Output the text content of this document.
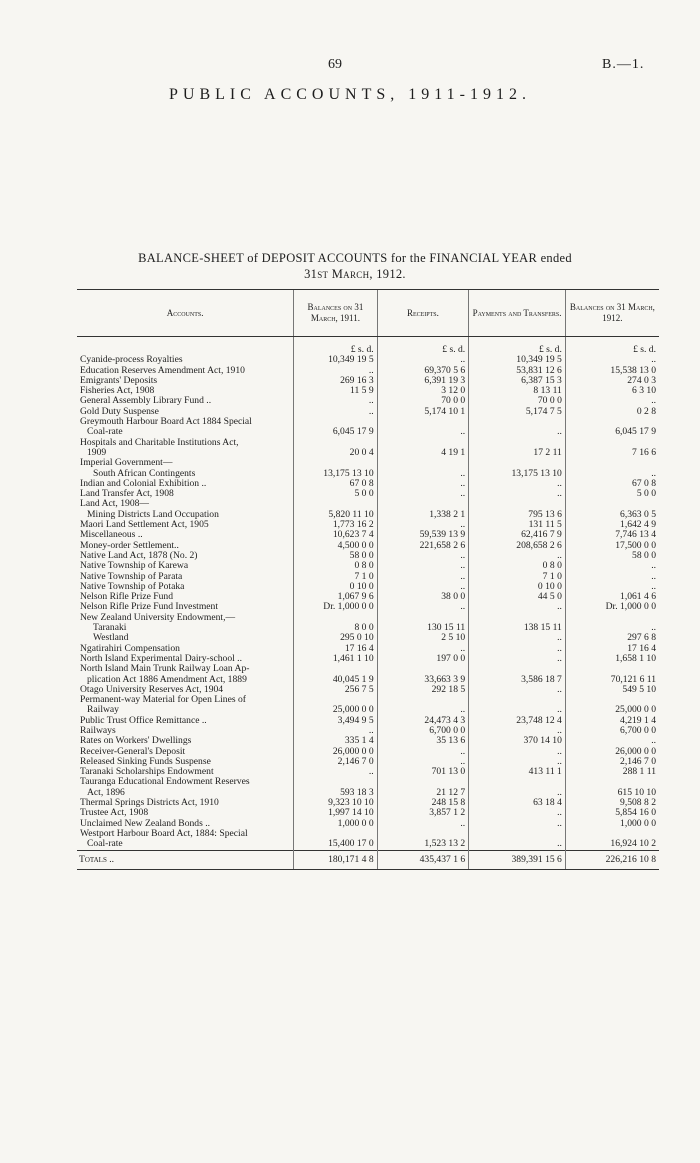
69	B.—1.
PUBLIC ACCOUNTS, 1911-1912.
BALANCE-SHEET of DEPOSIT ACCOUNTS for the FINANCIAL YEAR ended
31st March, 1912.
Accounts.	Balances on 31 March, 1911.	Receipts.	Payments and Transfers.	Balances on 31 March, 1912.
	£ s. d.	£ s. d.	£ s. d.	£ s. d.
Cyanide-process Royalties	10,349 19 5	..	10,349 19 5	..
Education Reserves Amendment Act, 1910	..	69,370 5 6	53,831 12 6	15,538 13 0
Emigrants' Deposits	269 16 3	6,391 19 3	6,387 15 3	274 0 3
Fisheries Act, 1908	11 5 9	3 12 0	8 13 11	6 3 10
General Assembly Library Fund ..	..	70 0 0	70 0 0	..
Gold Duty Suspense	..	5,174 10 1	5,174 7 5	0 2 8
Greymouth Harbour Board Act 1884 Special				
Coal-rate	6,045 17 9	..	..	6,045 17 9
Hospitals and Charitable Institutions Act,				
1909	20 0 4	4 19 1	17 2 11	7 16 6
Imperial Government—				
South African Contingents	13,175 13 10	..	13,175 13 10	..
Indian and Colonial Exhibition ..	67 0 8	..	..	67 0 8
Land Transfer Act, 1908	5 0 0	..	..	5 0 0
Land Act, 1908—				
Mining Districts Land Occupation	5,820 11 10	1,338 2 1	795 13 6	6,363 0 5
Maori Land Settlement Act, 1905	1,773 16 2	..	131 11 5	1,642 4 9
Miscellaneous ..	10,623 7 4	59,539 13 9	62,416 7 9	7,746 13 4
Money-order Settlement..	4,500 0 0	221,658 2 6	208,658 2 6	17,500 0 0
Native Land Act, 1878 (No. 2)	58 0 0	..	..	58 0 0
Native Township of Karewa	0 8 0	..	0 8 0	..
Native Township of Parata	7 1 0	..	7 1 0	..
Native Township of Potaka	0 10 0	..	0 10 0	..
Nelson Rifle Prize Fund	1,067 9 6	38 0 0	44 5 0	1,061 4 6
Nelson Rifle Prize Fund Investment	Dr. 1,000 0 0	..	..	Dr. 1,000 0 0
New Zealand University Endowment,—				
Taranaki	8 0 0	130 15 11	138 15 11	..
Westland	295 0 10	2 5 10	..	297 6 8
Ngatirahiri Compensation	17 16 4	..	..	17 16 4
North Island Experimental Dairy-school ..	1,461 1 10	197 0 0	..	1,658 1 10
North Island Main Trunk Railway Loan Ap-				
plication Act 1886 Amendment Act, 1889	40,045 1 9	33,663 3 9	3,586 18 7	70,121 6 11
Otago University Reserves Act, 1904	256 7 5	292 18 5	..	549 5 10
Permanent-way Material for Open Lines of				
Railway	25,000 0 0	..	..	25,000 0 0
Public Trust Office Remittance ..	3,494 9 5	24,473 4 3	23,748 12 4	4,219 1 4
Railways	..	6,700 0 0	..	6,700 0 0
Rates on Workers' Dwellings	335 1 4	35 13 6	370 14 10	..
Receiver-General's Deposit	26,000 0 0	..	..	26,000 0 0
Released Sinking Funds Suspense	2,146 7 0	..	..	2,146 7 0
Taranaki Scholarships Endowment	..	701 13 0	413 11 1	288 1 11
Tauranga Educational Endowment Reserves				
Act, 1896	593 18 3	21 12 7	..	615 10 10
Thermal Springs Districts Act, 1910	9,323 10 10	248 15 8	63 18 4	9,508 8 2
Trustee Act, 1908	1,997 14 10	3,857 1 2	..	5,854 16 0
Unclaimed New Zealand Bonds ..	1,000 0 0	..	..	1,000 0 0
Westport Harbour Board Act, 1884: Special				
Coal-rate	15,400 17 0	1,523 13 2	..	16,924 10 2
Totals ..	180,171 4 8	435,437 1 6	389,391 15 6	226,216 10 8
